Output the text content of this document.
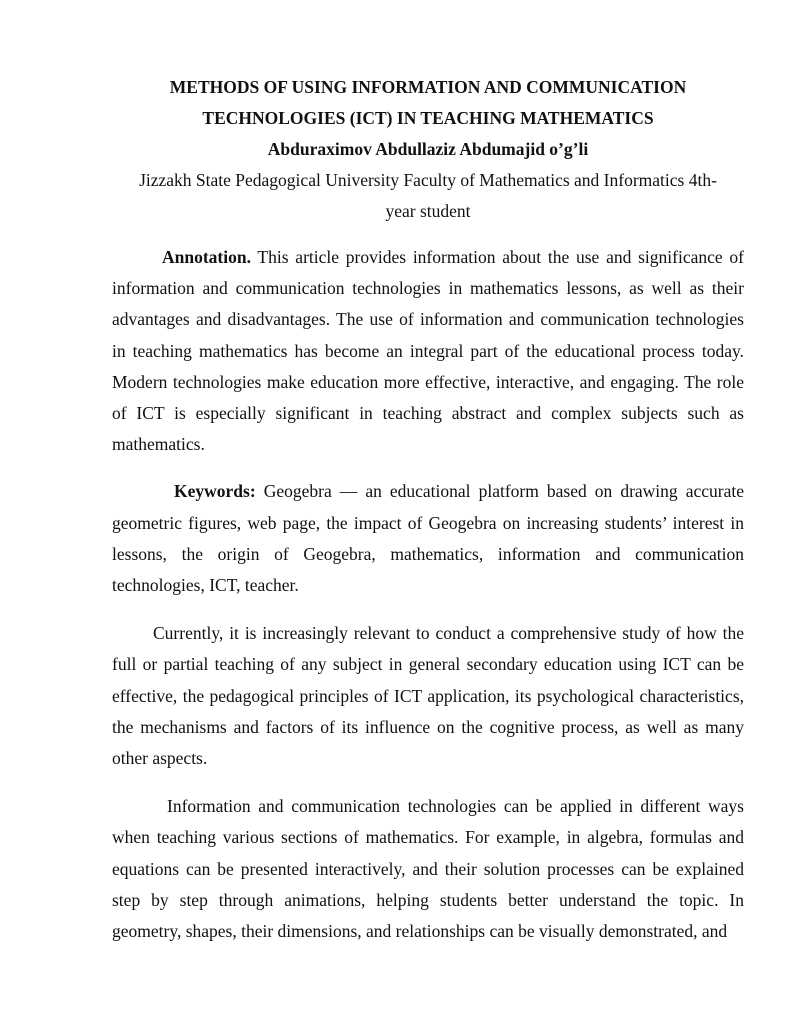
METHODS OF USING INFORMATION AND COMMUNICATION

TECHNOLOGIES (ICT) IN TEACHING MATHEMATICS

Abduraximov Abdullaziz Abdumajid o’g’li

Jizzakh State Pedagogical University Faculty of Mathematics and Informatics 4th-

year student

Annotation. This article provides information about the use and significance of information and communication technologies in mathematics lessons, as well as their advantages and disadvantages. The use of information and communication technologies in teaching mathematics has become an integral part of the educational process today. Modern technologies make education more effective, interactive, and engaging. The role of ICT is especially significant in teaching abstract and complex subjects such as mathematics.

Keywords: Geogebra — an educational platform based on drawing accurate geometric figures, web page, the impact of Geogebra on increasing students’ interest in lessons, the origin of Geogebra, mathematics, information and communication technologies, ICT, teacher.

Currently, it is increasingly relevant to conduct a comprehensive study of how the full or partial teaching of any subject in general secondary education using ICT can be effective, the pedagogical principles of ICT application, its psychological characteristics, the mechanisms and factors of its influence on the cognitive process, as well as many other aspects.

Information and communication technologies can be applied in different ways when teaching various sections of mathematics. For example, in algebra, formulas and equations can be presented interactively, and their solution processes can be explained step by step through animations, helping students better understand the topic. In geometry, shapes, their dimensions, and relationships can be visually demonstrated, and
